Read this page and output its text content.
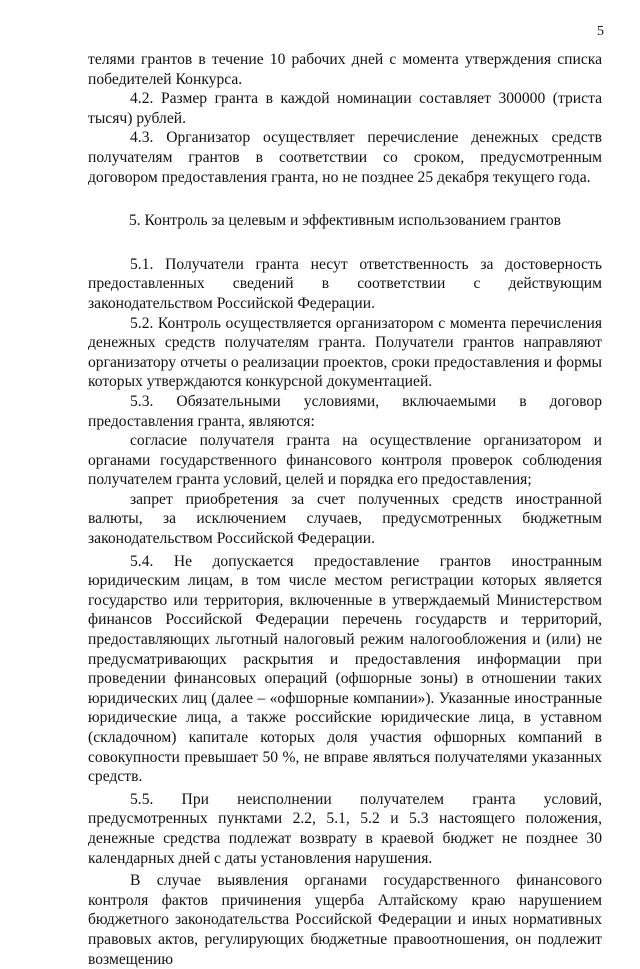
5

телями грантов в течение 10 рабочих дней с момента утверждения списка победителей Конкурса.

4.2. Размер гранта в каждой номинации составляет 300000 (триста тысяч) рублей.

4.3. Организатор осуществляет перечисление денежных средств получателям грантов в соответствии со сроком, предусмотренным договором предоставления гранта, но не позднее 25 декабря текущего года.

5. Контроль за целевым и эффективным использованием грантов

5.1. Получатели гранта несут ответственность за достоверность предоставленных сведений в соответствии с действующим законодательством Российской Федерации.

5.2. Контроль осуществляется организатором с момента перечисления денежных средств получателям гранта. Получатели грантов направляют организатору отчеты о реализации проектов, сроки предоставления и формы которых утверждаются конкурсной документацией.

5.3. Обязательными условиями, включаемыми в договор предоставления гранта, являются:

согласие получателя гранта на осуществление организатором и органами государственного финансового контроля проверок соблюдения получателем гранта условий, целей и порядка его предоставления;

запрет приобретения за счет полученных средств иностранной валюты, за исключением случаев, предусмотренных бюджетным законодательством Российской Федерации.

5.4. Не допускается предоставление грантов иностранным юридическим лицам, в том числе местом регистрации которых является государство или территория, включенные в утверждаемый Министерством финансов Российской Федерации перечень государств и территорий, предоставляющих льготный налоговый режим налогообложения и (или) не предусматривающих раскрытия и предоставления информации при проведении финансовых операций (офшорные зоны) в отношении таких юридических лиц (далее – «офшорные компании»). Указанные иностранные юридические лица, а также российские юридические лица, в уставном (складочном) капитале которых доля участия офшорных компаний в совокупности превышает 50 %, не вправе являться получателями указанных средств.

5.5. При неисполнении получателем гранта условий, предусмотренных пунктами 2.2, 5.1, 5.2 и 5.3 настоящего положения, денежные средства подлежат возврату в краевой бюджет не позднее 30 календарных дней с даты установления нарушения.

В случае выявления органами государственного финансового контроля фактов причинения ущерба Алтайскому краю нарушением бюджетного законодательства Российской Федерации и иных нормативных правовых актов, регулирующих бюджетные правоотношения, он подлежит возмещению
